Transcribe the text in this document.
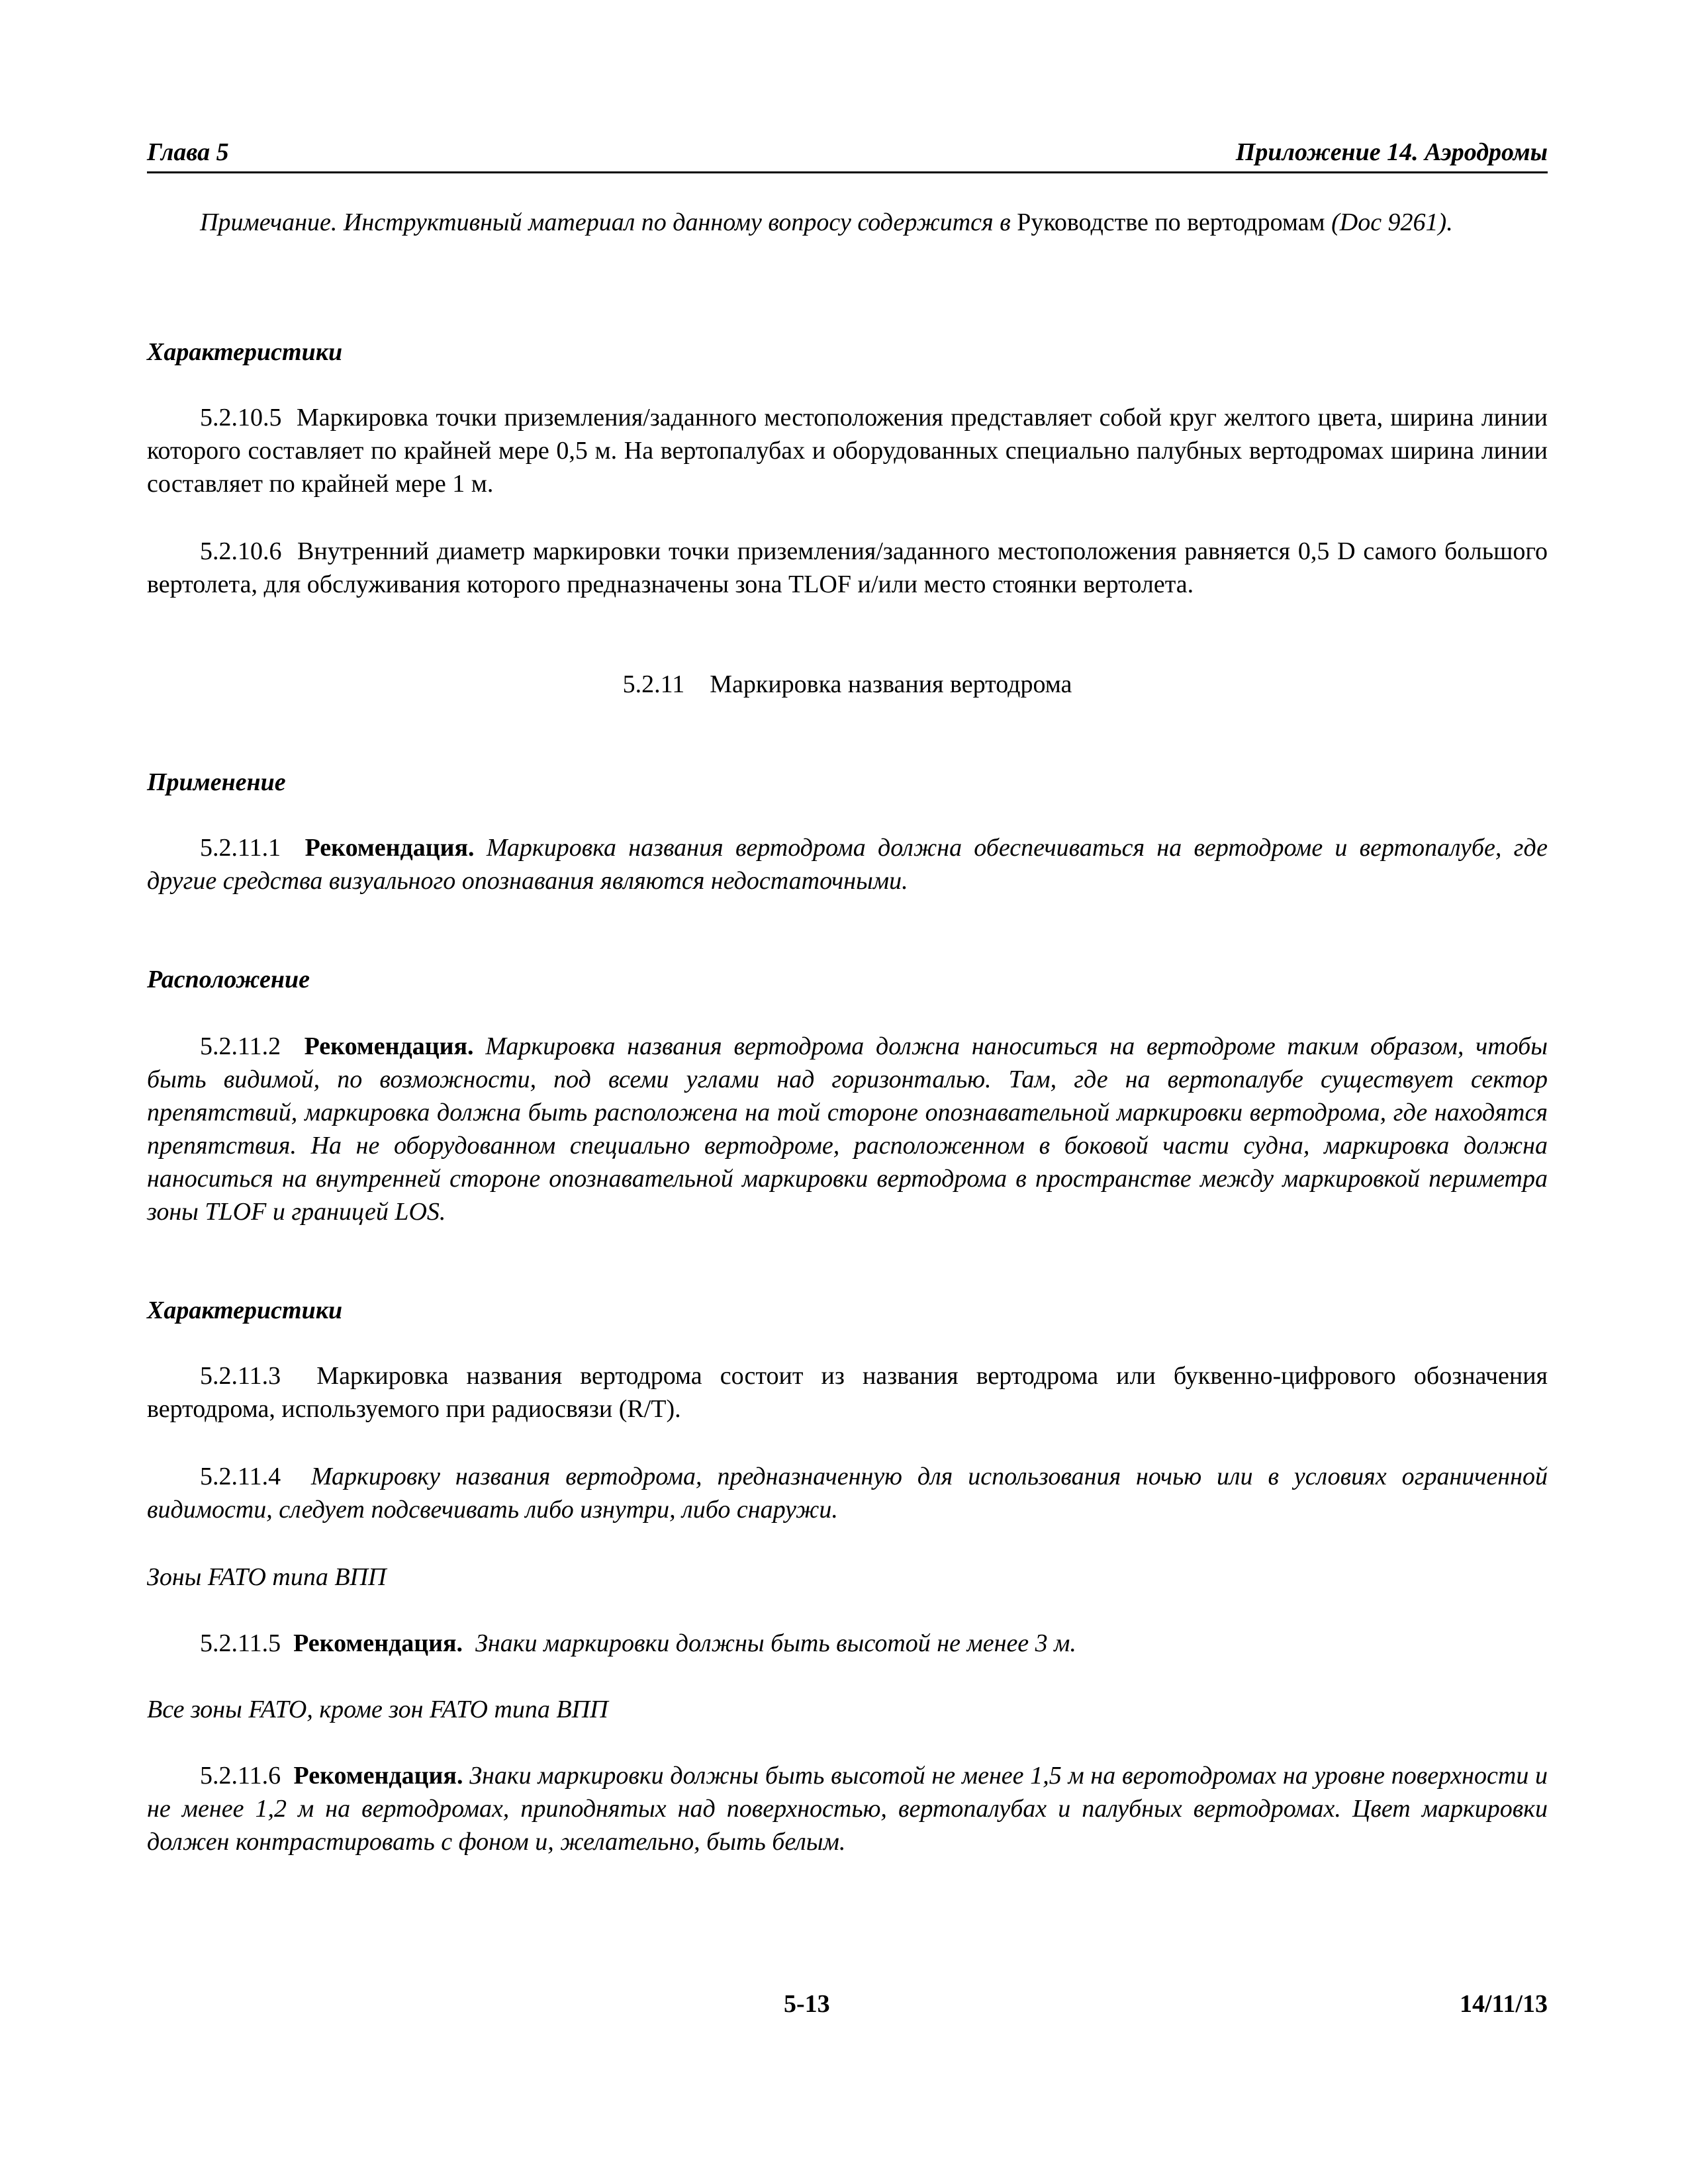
Глава 5	Приложение 14. Аэродромы
Примечание. Инструктивный материал по данному вопросу содержится в Руководстве по вертодромам (Doc 9261).
Характеристики
5.2.10.5 Маркировка точки приземления/заданного местоположения представляет собой круг желтого цвета, ширина линии которого составляет по крайней мере 0,5 м. На вертопалубах и оборудованных специально палубных вертодромах ширина линии составляет по крайней мере 1 м.
5.2.10.6 Внутренний диаметр маркировки точки приземления/заданного местоположения равняется 0,5 D самого большого вертолета, для обслуживания которого предназначены зона TLOF и/или место стоянки вертолета.
5.2.11 Маркировка названия вертодрома
Применение
5.2.11.1 Рекомендация. Маркировка названия вертодрома должна обеспечиваться на вертодроме и вертопалубе, где другие средства визуального опознавания являются недостаточными.
Расположение
5.2.11.2 Рекомендация. Маркировка названия вертодрома должна наноситься на вертодроме таким образом, чтобы быть видимой, по возможности, под всеми углами над горизонталью. Там, где на вертопалубе существует сектор препятствий, маркировка должна быть расположена на той стороне опознавательной маркировки вертодрома, где находятся препятствия. На не оборудованном специально вертодроме, расположенном в боковой части судна, маркировка должна наноситься на внутренней стороне опознавательной маркировки вертодрома в пространстве между маркировкой периметра зоны TLOF и границей LOS.
Характеристики
5.2.11.3 Маркировка названия вертодрома состоит из названия вертодрома или буквенно-цифрового обозначения вертодрома, используемого при радиосвязи (R/T).
5.2.11.4 Маркировку названия вертодрома, предназначенную для использования ночью или в условиях ограниченной видимости, следует подсвечивать либо изнутри, либо снаружи.
Зоны FATO типа ВПП
5.2.11.5 Рекомендация. Знаки маркировки должны быть высотой не менее 3 м.
Все зоны FATO, кроме зон FATO типа ВПП
5.2.11.6 Рекомендация. Знаки маркировки должны быть высотой не менее 1,5 м на веротодромах на уровне поверхности и не менее 1,2 м на вертодромах, приподнятых над поверхностью, вертопалубах и палубных вертодромах. Цвет маркировки должен контрастировать с фоном и, желательно, быть белым.
5-13	14/11/13
